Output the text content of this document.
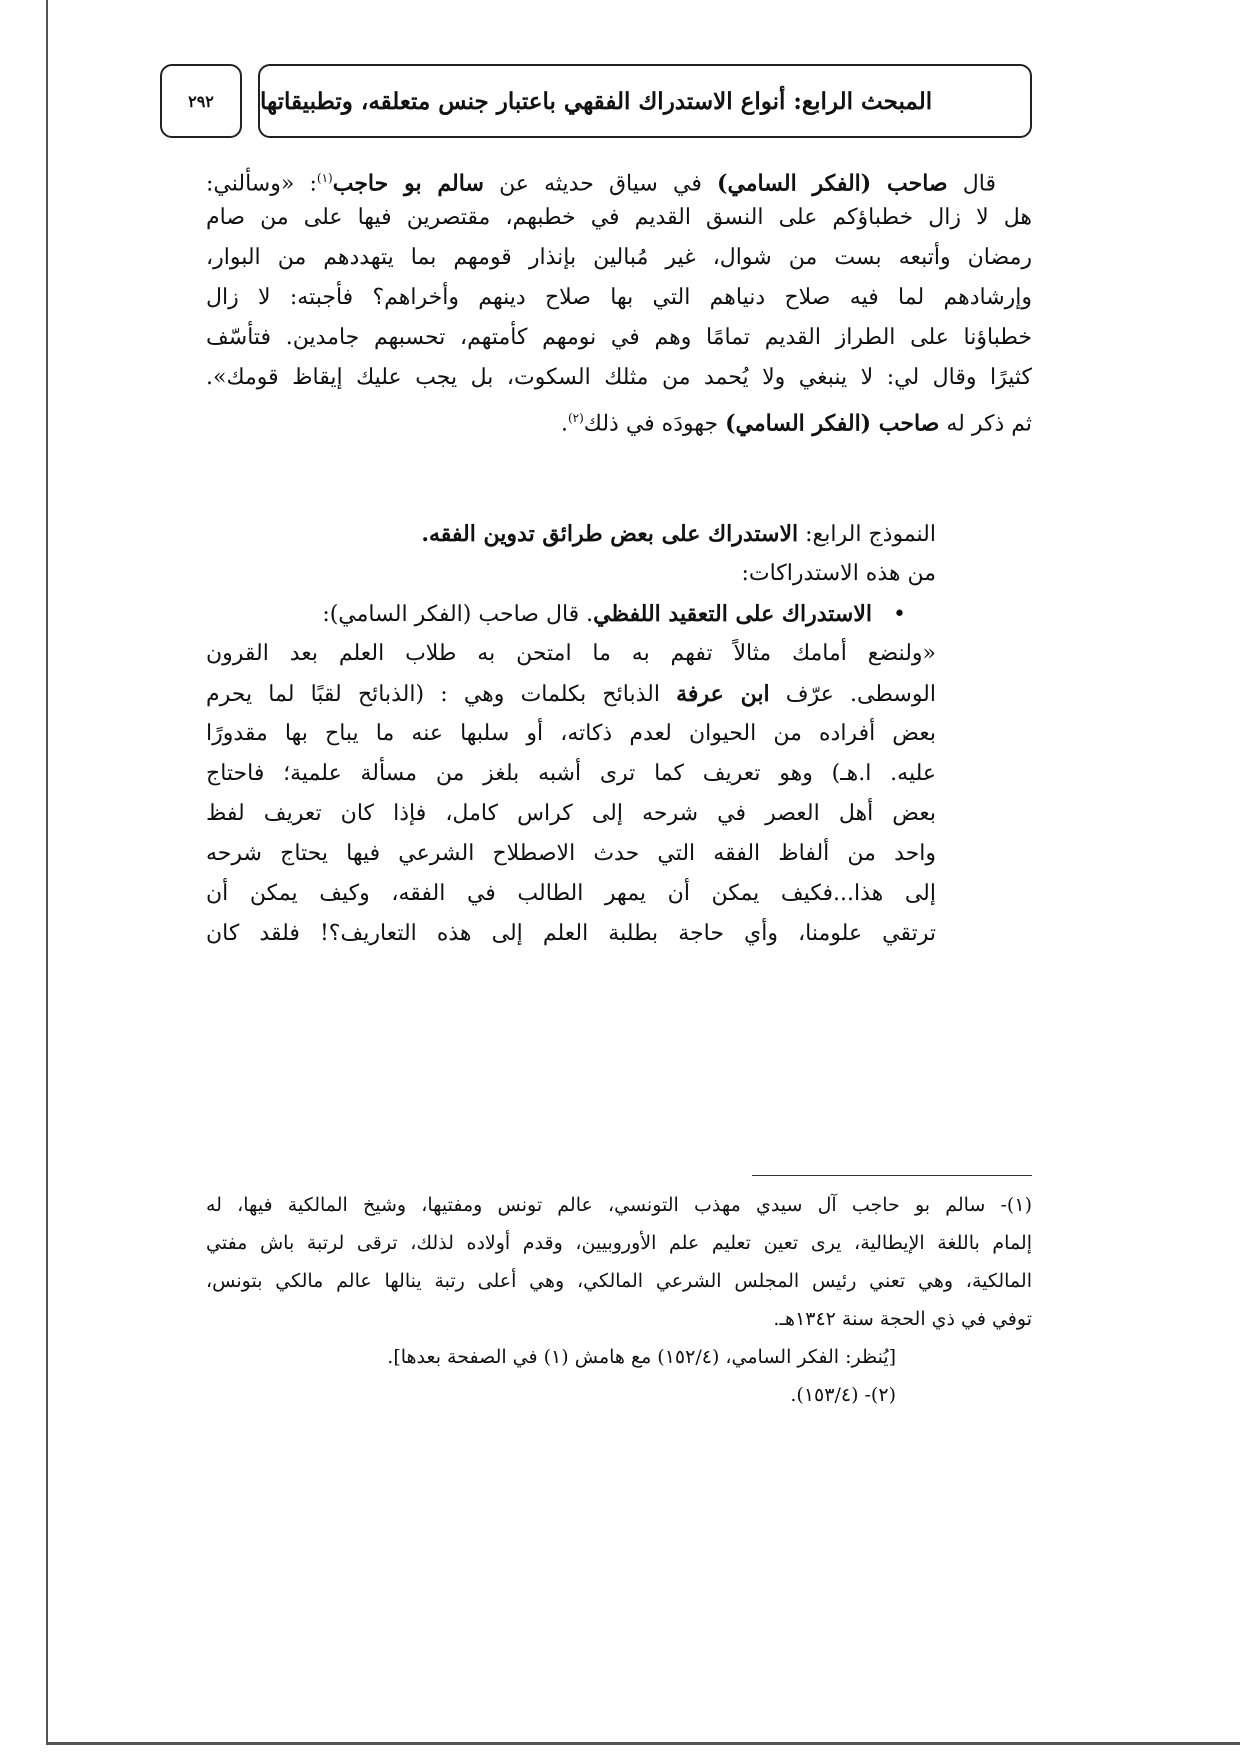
المبحث الرابع: أنواع الاستدراك الفقهي باعتبار جنس متعلقه، وتطبيقاتها
٢٩٢
قال صاحب (الفكر السامي) في سياق حديثه عن سالم بو حاجب$^{(١)}$: «وسألني:
هل لا زال خطباؤكم على النسق القديم في خطبهم، مقتصرين فيها على من صام
رمضان وأتبعه بست من شوال، غير مُبالين بإنذار قومهم بما يتهددهم من البوار،
وإرشادهم لما فيه صلاح دنياهم التي بها صلاح دينهم وأخراهم؟ فأجبته: لا زال
خطباؤنا على الطراز القديم تمامًا وهم في نومهم كأمتهم، تحسبهم جامدين. فتأسّف
كثيرًا وقال لي: لا ينبغي ولا يُحمد من مثلك السكوت، بل يجب عليك إيقاظ قومك».
ثم ذكر له صاحب (الفكر السامي) جهودَه في ذلك$^{(٢)}$.
النموذج الرابع: الاستدراك على بعض طرائق تدوين الفقه.
من هذه الاستدراكات:
•   الاستدراك على التعقيد اللفظي. قال صاحب (الفكر السامي):
«ولنضع أمامك مثالاً تفهم به ما امتحن به طلاب العلم بعد القرون
الوسطى. عرّف ابن عرفة الذبائح بكلمات وهي : (الذبائح لقبًا لما يحرم
بعض أفراده من الحيوان لعدم ذكاته، أو سلبها عنه ما يباح بها مقدورًا
عليه. ا.هـ) وهو تعريف كما ترى أشبه بلغز من مسألة علمية؛ فاحتاج
بعض أهل العصر في شرحه إلى كراس كامل، فإذا كان تعريف لفظ
واحد من ألفاظ الفقه التي حدث الاصطلاح الشرعي فيها يحتاج شرحه
إلى هذا...فكيف يمكن أن يمهر الطالب في الفقه، وكيف يمكن أن
ترتقي علومنا، وأي حاجة بطلبة العلم إلى هذه التعاريف؟! فلقد كان
(١)- سالم بو حاجب آل سيدي مهذب التونسي، عالم تونس ومفتيها، وشيخ المالكية فيها، له
إلمام باللغة الإيطالية، يرى تعين تعليم علم الأوروبيين، وقدم أولاده لذلك، ترقى لرتبة باش مفتي
المالكية، وهي تعني رئيس المجلس الشرعي المالكي، وهي أعلى رتبة ينالها عالم مالكي بتونس،
توفي في ذي الحجة سنة ١٣٤٢هـ.
[يُنظر: الفكر السامي، (١٥٢/٤) مع هامش (١) في الصفحة بعدها].
(٢)- (١٥٣/٤).
